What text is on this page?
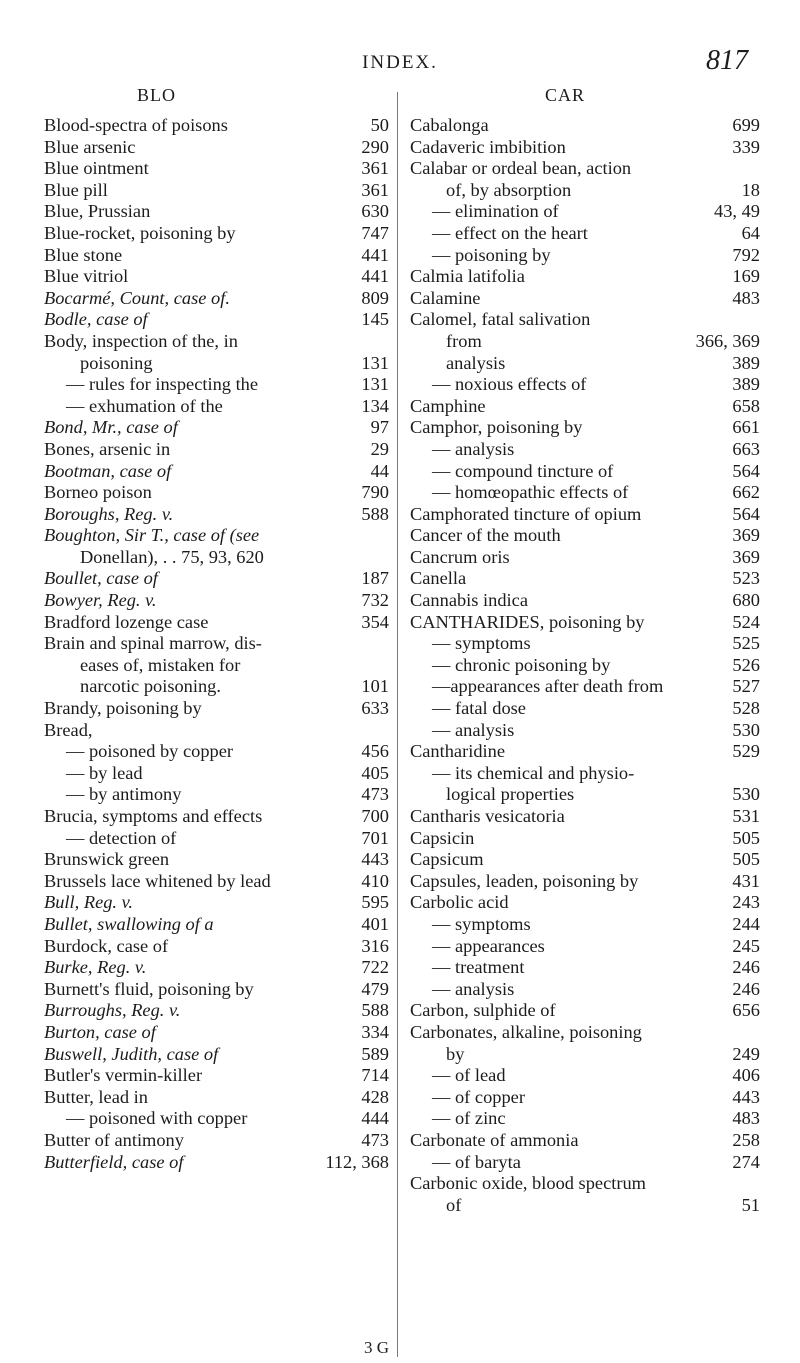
INDEX.	817
BLO
Blood-spectra of poisons	50
Blue arsenic	290
Blue ointment	361
Blue pill	361
Blue, Prussian	630
Blue-rocket, poisoning by	747
Blue stone	441
Blue vitriol	441
Bocarmé, Count, case of.	809
Bodle, case of	145
Body, inspection of the, in
poisoning	131
— rules for inspecting the	131
— exhumation of the	134
Bond, Mr., case of	97
Bones, arsenic in	29
Bootman, case of	44
Borneo poison	790
Boroughs, Reg. v.	588
Boughton, Sir T., case of (see
Donellan), . . 75, 93, 620
Boullet, case of	187
Bowyer, Reg. v.	732
Bradford lozenge case	354
Brain and spinal marrow, dis-
eases of, mistaken for
narcotic poisoning.	101
Brandy, poisoning by	633
Bread,
— poisoned by copper	456
— by lead	405
— by antimony	473
Brucia, symptoms and effects	700
— detection of	701
Brunswick green	443
Brussels lace whitened by lead	410
Bull, Reg. v.	595
Bullet, swallowing of a	401
Burdock, case of	316
Burke, Reg. v.	722
Burnett's fluid, poisoning by	479
Burroughs, Reg. v.	588
Burton, case of	334
Buswell, Judith, case of	589
Butler's vermin-killer	714
Butter, lead in	428
— poisoned with copper	444
Butter of antimony	473
Butterfield, case of	112, 368
CAR
Cabalonga	699
Cadaveric imbibition	339
Calabar or ordeal bean, action
of, by absorption	18
— elimination of	43, 49
— effect on the heart	64
— poisoning by	792
Calmia latifolia	169
Calamine	483
Calomel, fatal salivation
from	366, 369
analysis	389
— noxious effects of	389
Camphine	658
Camphor, poisoning by	661
— analysis	663
— compound tincture of	564
— homœopathic effects of	662
Camphorated tincture of opium	564
Cancer of the mouth	369
Cancrum oris	369
Canella	523
Cannabis indica	680
CANTHARIDES, poisoning by	524
— symptoms	525
— chronic poisoning by	526
—appearances after death from	527
— fatal dose	528
— analysis	530
Cantharidine	529
— its chemical and physio-
logical properties	530
Cantharis vesicatoria	531
Capsicin	505
Capsicum	505
Capsules, leaden, poisoning by	431
Carbolic acid	243
— symptoms	244
— appearances	245
— treatment	246
— analysis	246
Carbon, sulphide of	656
Carbonates, alkaline, poisoning
by	249
— of lead	406
— of copper	443
— of zinc	483
Carbonate of ammonia	258
— of baryta	274
Carbonic oxide, blood spectrum
of	51
3 G
